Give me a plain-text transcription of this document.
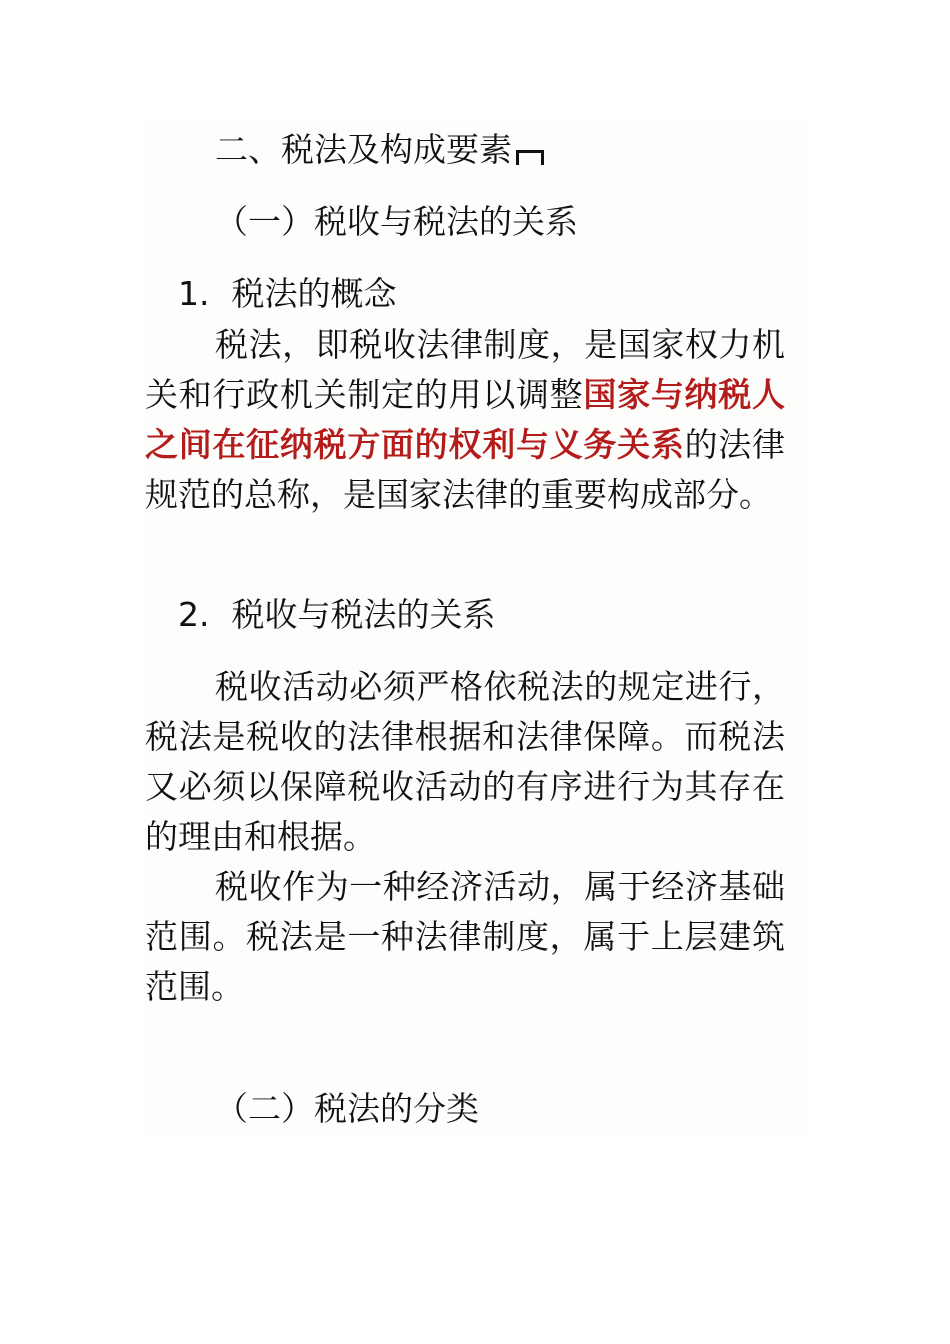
二、税法及构成要素
（一）税收与税法的关系
1. 税法的概念
税法，即税收法律制度，是国家权力机关和行政机关制定的用以调整国家与纳税人之间在征纳税方面的权利与义务关系的法律规范的总称，是国家法律的重要构成部分。
2. 税收与税法的关系
税收活动必须严格依税法的规定进行，税法是税收的法律根据和法律保障。而税法又必须以保障税收活动的有序进行为其存在的理由和根据。
税收作为一种经济活动，属于经济基础范围。税法是一种法律制度，属于上层建筑范围。
（二）税法的分类
